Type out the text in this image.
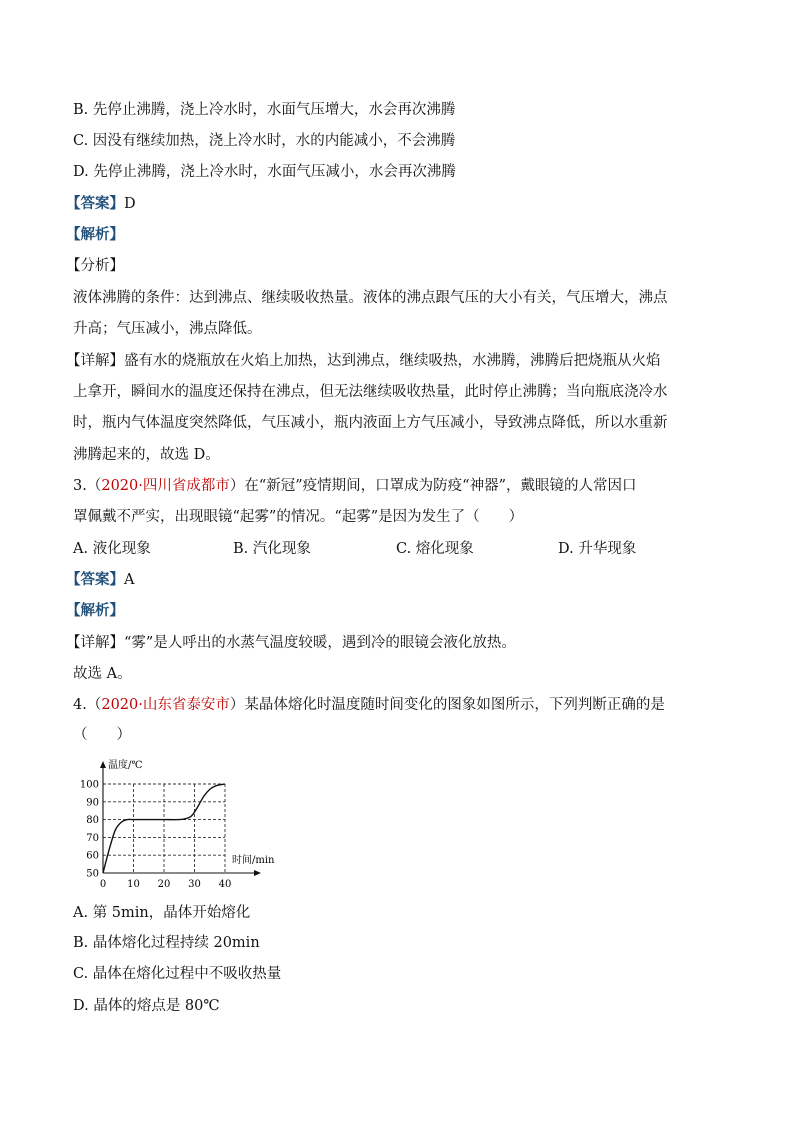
B. 先停止沸腾，浇上冷水时，水面气压增大，水会再次沸腾
C. 因没有继续加热，浇上冷水时，水的内能减小，不会沸腾
D. 先停止沸腾，浇上冷水时，水面气压减小，水会再次沸腾
【答案】D
【解析】
【分析】
液体沸腾的条件：达到沸点、继续吸收热量。液体的沸点跟气压的大小有关，气压增大，沸点
升高；气压减小，沸点降低。
【详解】盛有水的烧瓶放在火焰上加热，达到沸点，继续吸热，水沸腾，沸腾后把烧瓶从火焰
上拿开，瞬间水的温度还保持在沸点，但无法继续吸收热量，此时停止沸腾；当向瓶底浇冷水
时，瓶内气体温度突然降低，气压减小，瓶内液面上方气压减小，导致沸点降低，所以水重新
沸腾起来的，故选 D。
3.（2020·四川省成都市）在“新冠”疫情期间，口罩成为防疫“神器”，戴眼镜的人常因口
罩佩戴不严实，出现眼镜“起雾”的情况。“起雾”是因为发生了（　　）
A. 液化现象	B. 汽化现象	C. 熔化现象	D. 升华现象
【答案】A
【解析】
【详解】“雾”是人呼出的水蒸气温度较暖，遇到冷的眼镜会液化放热。
故选 A。
4.（2020·山东省泰安市）某晶体熔化时温度随时间变化的图象如图所示，下列判断正确的是
（　　）
温度/℃
时间/min
50
60
70
80
90
100
0 10 20 30 40
A. 第 5min，晶体开始熔化
B. 晶体熔化过程持续 20min
C. 晶体在熔化过程中不吸收热量
D. 晶体的熔点是 80℃
